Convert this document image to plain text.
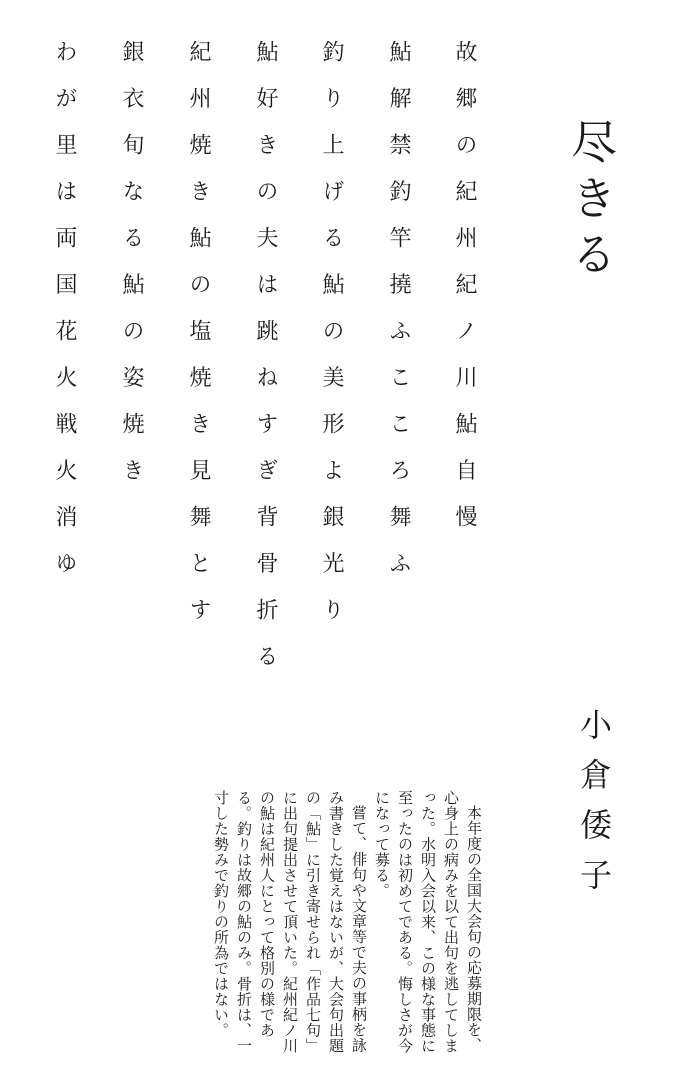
尽きる
故郷の紀州紀ノ川鮎自慢
鮎解禁釣竿撓ふこころ舞ふ
釣り上げる鮎の美形よ銀光り
鮎好きの夫は跳ねすぎ背骨折る
紀州焼き鮎の塩焼き見舞とす
銀衣旬なる鮎の姿焼き
わが里は両国花火戦火消ゆ
小倉倭子

本年度の全国大会句の応募期限を、心身上の病みを以て出句を逃してしまった。水明入会以来、この様な事態に至ったのは初めてである。悔しさが今になって募る。

嘗て、俳句や文章等で夫の事柄を詠み書きした覚えはないが、大会句出題の「鮎」に引き寄せられ「作品七句」に出句提出させて頂いた。紀州紀ノ川の鮎は紀州人にとって格別の様である。釣りは故郷の鮎のみ。骨折は、一寸した勢みで釣りの所為ではない。
